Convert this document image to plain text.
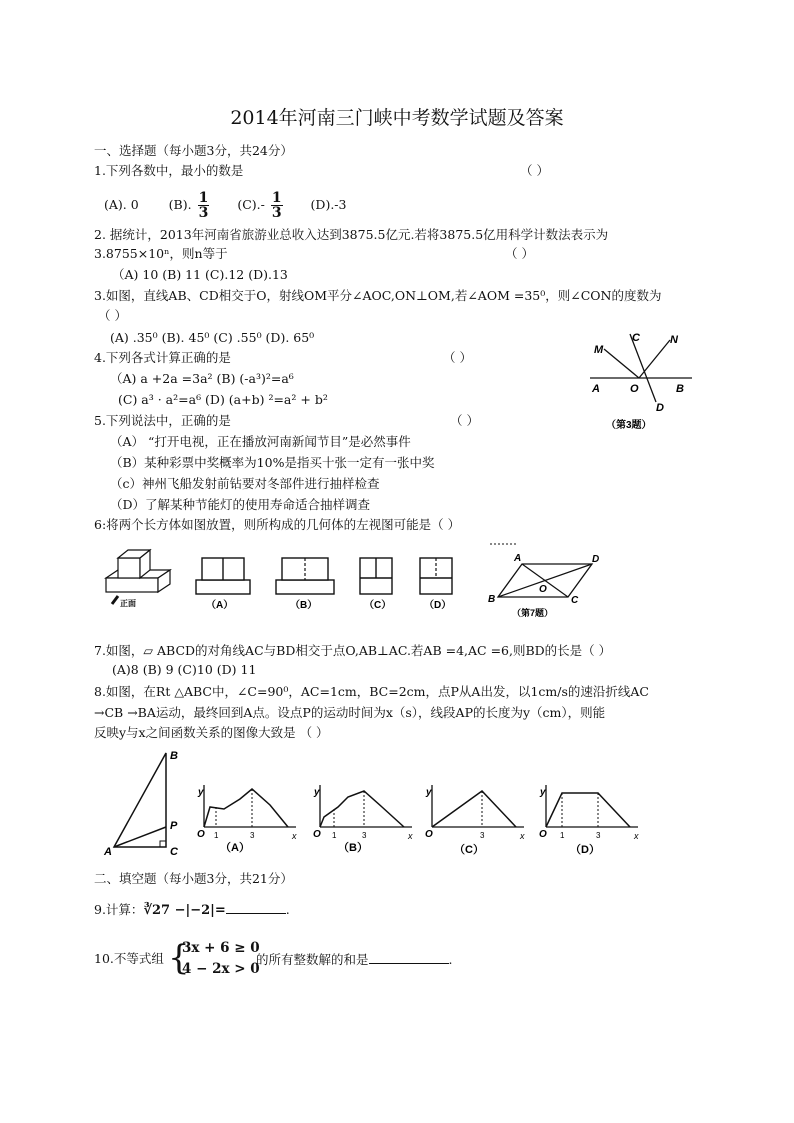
2014年河南三门峡中考数学试题及答案
一、选择题（每小题3分，共24分）
1.下列各数中，最小的数是	（ ）
(A). 0 (B). $\frac{1}{3} (C).- \frac{1}{3} (D).-3$
2. 据统计，2013年河南省旅游业总收入达到3875.5亿元.若将3875.5亿用科学计数法表示为
3.8755×10ⁿ，则n等于	（ ）
（A) 10 (B) 11 (C).12 (D).13
3.如图，直线AB、CD相交于O，射线OM平分∠AOC,ON⊥OM,若∠AOM =35⁰，则∠CON的度数为
（ ）
(A) .35⁰ (B). 45⁰ (C) .55⁰ (D). 65⁰
M
C	N
A	O	B
D
（第3题）
4.下列各式计算正确的是	（ ）
（A) a +2a =3a² (B) (-a³)²=a⁶
(C) a³ · a²=a⁶ (D) (a+b) ²=a² + b²
5.下列说法中，正确的是	（ ）
（A） “打开电视，正在播放河南新闻节目”是必然事件
（B）某种彩票中奖概率为10%是指买十张一定有一张中奖
（c）神州飞船发射前钻要对冬部件进行抽样检查
（D）了解某种节能灯的使用寿命适合抽样调查
6:将两个长方体如图放置，则所构成的几何体的左视图可能是（ ）
正面	（A）	（B）	（C）	（D）
A	D
B	C
O
（第7题）
7.如图，▱ ABCD的对角线AC与BD相交于点O,AB⊥AC.若AB =4,AC =6,则BD的长是（ ）
(A)8 (B) 9 (C)10 (D) 11
8.如图，在Rt △ABC中，∠C=90⁰，AC=1cm，BC=2cm，点P从A出发，以1cm/s的速沿折线AC
→CB →BA运动，最终回到A点。设点P的运动时间为x（s），线段AP的长度为y（cm），则能
反映y与x之间函数关系的图像大致是 （ ）
B
P
A	C
y
O 1	3	x
（A）
y
O 1	3	x
（B）
y
O	3	x
（C）
y
O 1	3	x
（D）
二、填空题（每小题3分，共21分）
9.计算：∛27 −|−2|=	.
10.不等式组 {
3x + 6 ≥ 0
4 − 2x > 0
的所有整数解的和是	.
